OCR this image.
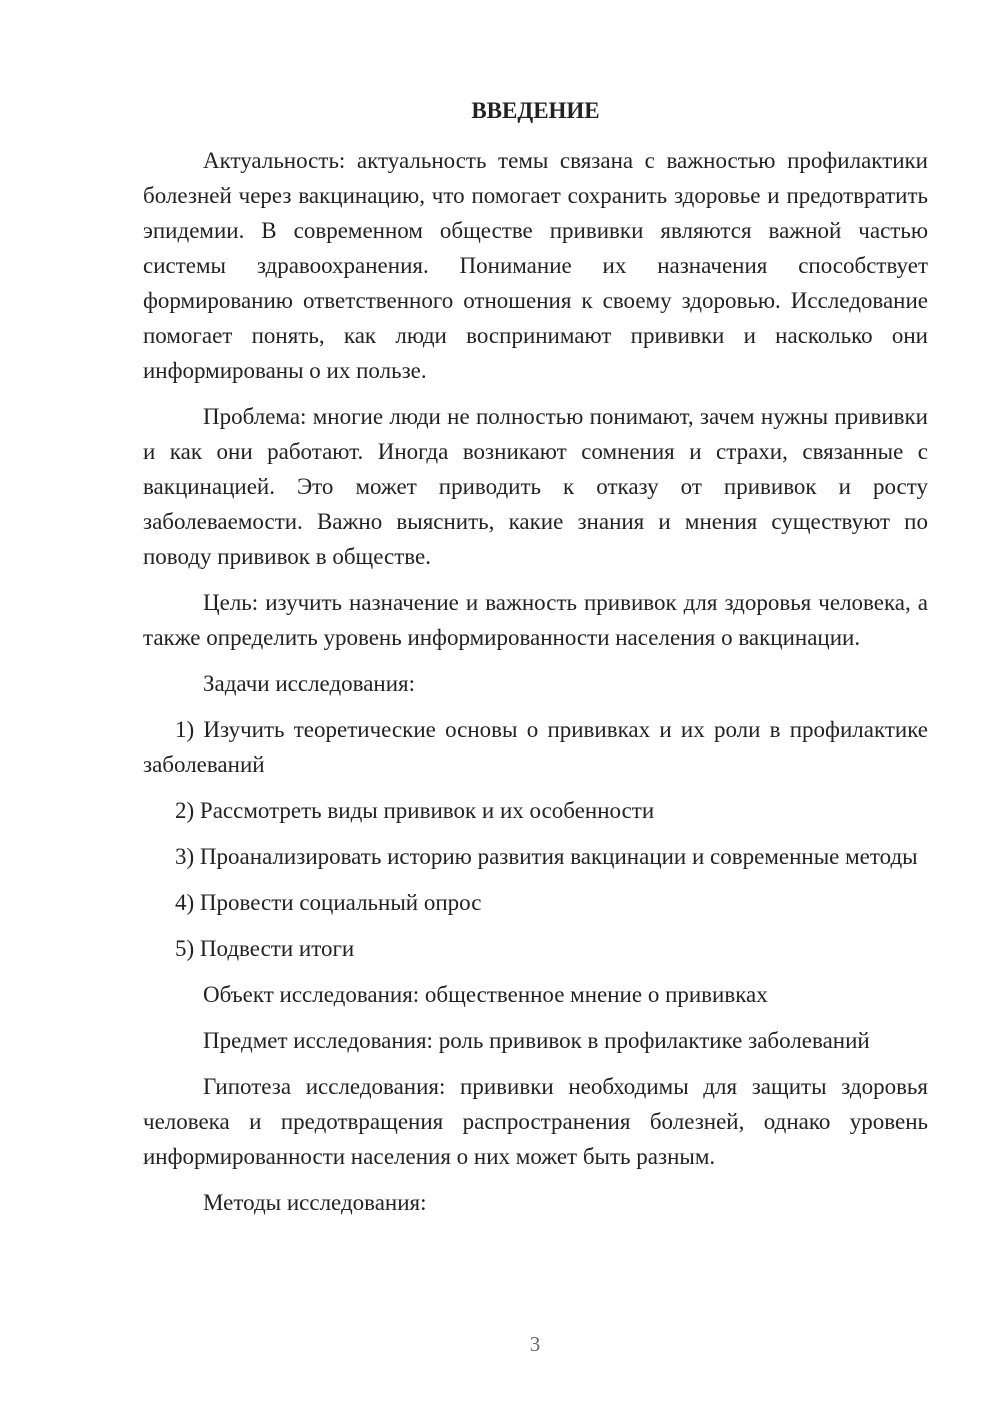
ВВЕДЕНИЕ

Актуальность: актуальность темы связана с важностью профилактики болезней через вакцинацию, что помогает сохранить здоровье и предотвратить эпидемии. В современном обществе прививки являются важной частью системы здравоохранения. Понимание их назначения способствует формированию ответственного отношения к своему здоровью. Исследование помогает понять, как люди воспринимают прививки и насколько они информированы о их пользе.

Проблема: многие люди не полностью понимают, зачем нужны прививки и как они работают. Иногда возникают сомнения и страхи, связанные с вакцинацией. Это может приводить к отказу от прививок и росту заболеваемости. Важно выяснить, какие знания и мнения существуют по поводу прививок в обществе.

Цель: изучить назначение и важность прививок для здоровья человека, а также определить уровень информированности населения о вакцинации.

Задачи исследования:

1) Изучить теоретические основы о прививках и их роли в профилактике заболеваний

2) Рассмотреть виды прививок и их особенности

3) Проанализировать историю развития вакцинации и современные методы

4) Провести социальный опрос

5) Подвести итоги

Объект исследования: общественное мнение о прививках

Предмет исследования: роль прививок в профилактике заболеваний

Гипотеза исследования: прививки необходимы для защиты здоровья человека и предотвращения распространения болезней, однако уровень информированности населения о них может быть разным.

Методы исследования:

3
